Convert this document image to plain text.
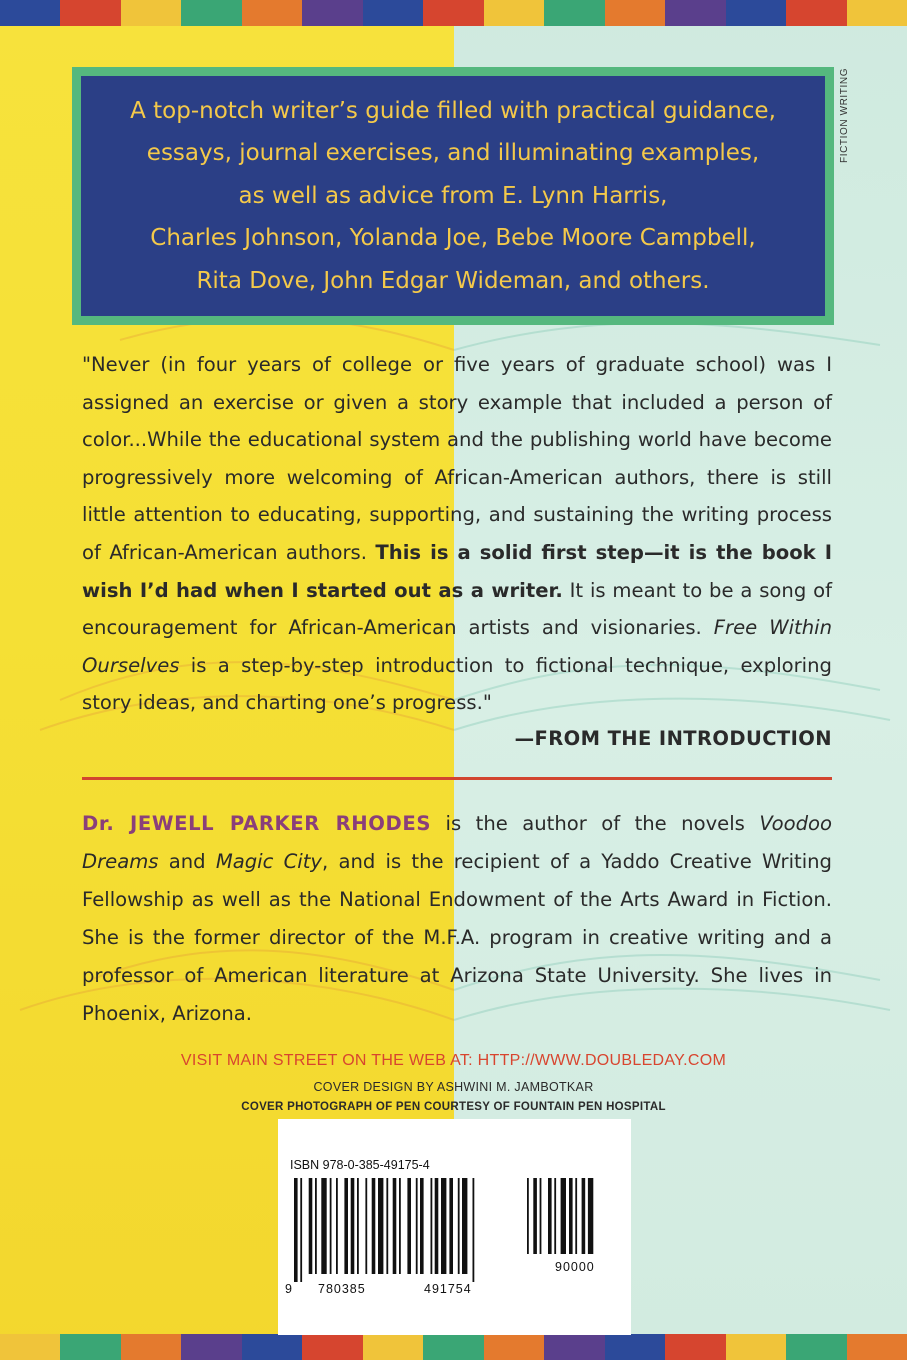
FICTION WRITING

A top-notch writer’s guide filled with practical guidance,
essays, journal exercises, and illuminating examples,
as well as advice from E. Lynn Harris,
Charles Johnson, Yolanda Joe, Bebe Moore Campbell,
Rita Dove, John Edgar Wideman, and others.

"Never (in four years of college or five years of graduate school) was I assigned an exercise or given a story example that included a person of color...While the educational system and the publishing world have become progressively more welcoming of African-American authors, there is still little attention to educating, supporting, and sustaining the writing process of African-American authors. This is a solid first step—it is the book I wish I’d had when I started out as a writer. It is meant to be a song of encouragement for African-American artists and visionaries. Free Within Ourselves is a step-by-step introduction to fictional technique, exploring story ideas, and charting one’s progress."

—FROM THE INTRODUCTION

Dr. JEWELL PARKER RHODES is the author of the novels Voodoo Dreams and Magic City, and is the recipient of a Yaddo Creative Writing Fellowship as well as the National Endowment of the Arts Award in Fiction. She is the former director of the M.F.A. program in creative writing and a professor of American literature at Arizona State University. She lives in Phoenix, Arizona.

VISIT MAIN STREET ON THE WEB AT: HTTP://WWW.DOUBLEDAY.COM
COVER DESIGN BY ASHWINI M. JAMBOTKAR
COVER PHOTOGRAPH OF PEN COURTESY OF FOUNTAIN PEN HOSPITAL
ISBN 978-0-385-49175-4
9 780385	491754
90000
